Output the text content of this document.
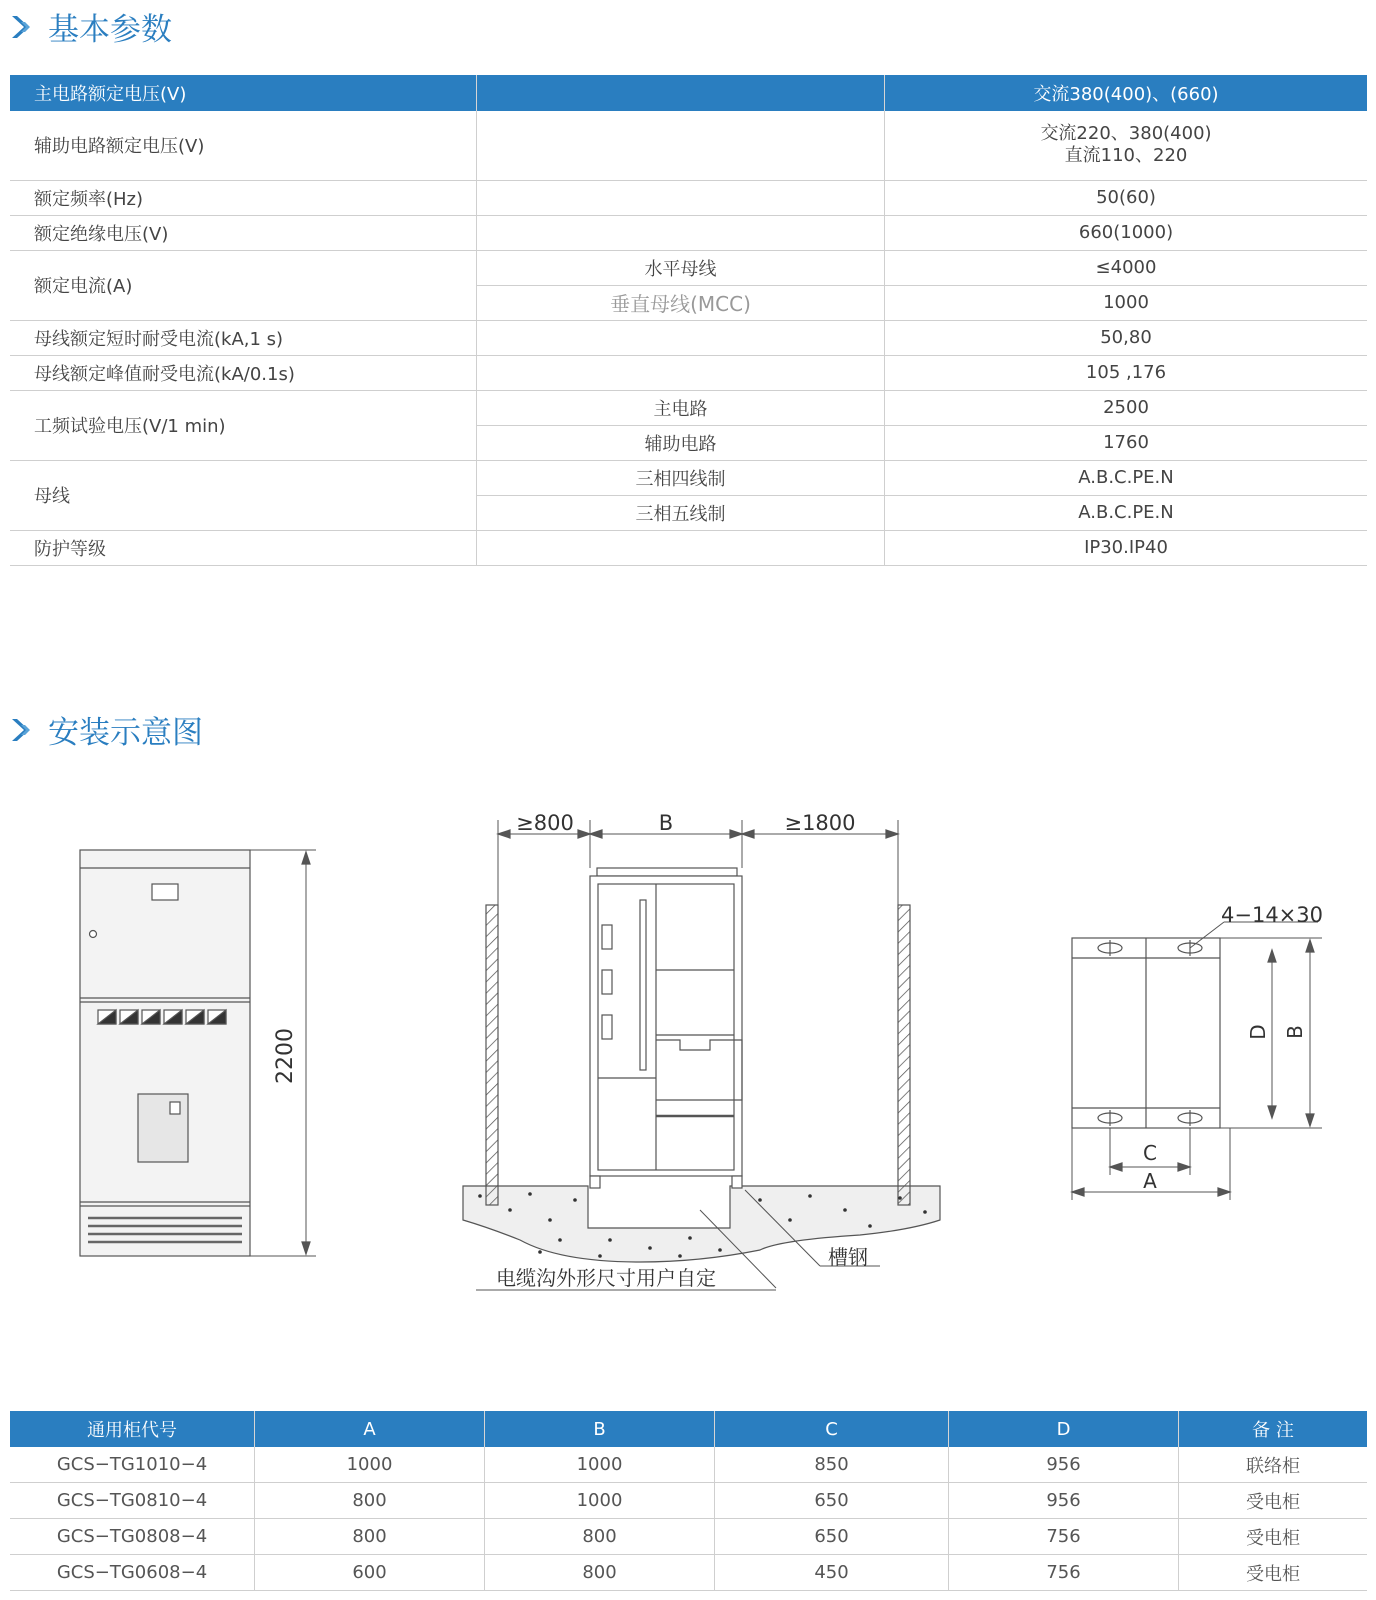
基本参数
主电路额定电压(V)		交流380(400)、(660)
辅助电路额定电压(V)		交流220、380(400)
直流110、220

额定频率(Hz)		50(60)
额定绝缘电压(V)		660(1000)
额定电流(A)	水平母线	≤4000
	垂直母线(MCC)	1000
母线额定短时耐受电流(kA,1 s)		50,80
母线额定峰值耐受电流(kA/0.1s)		105 ,176
工频试验电压(V/1 min)	主电路	2500
	辅助电路	1760
母线	三相四线制	A.B.C.PE.N
	三相五线制	A.B.C.PE.N
防护等级		IP30.IP40
安装示意图
2200
≥800	B	≥1800
槽钢
电缆沟外形尺寸用户自定
4−14×30
D B
C
A
通用柜代号	A	B	C	D	备 注
GCS−TG1010−4	1000	1000	850	956	联络柜
GCS−TG0810−4	800	1000	650	956	受电柜
GCS−TG0808−4	800	800	650	756	受电柜
GCS−TG0608−4	600	800	450	756	受电柜
